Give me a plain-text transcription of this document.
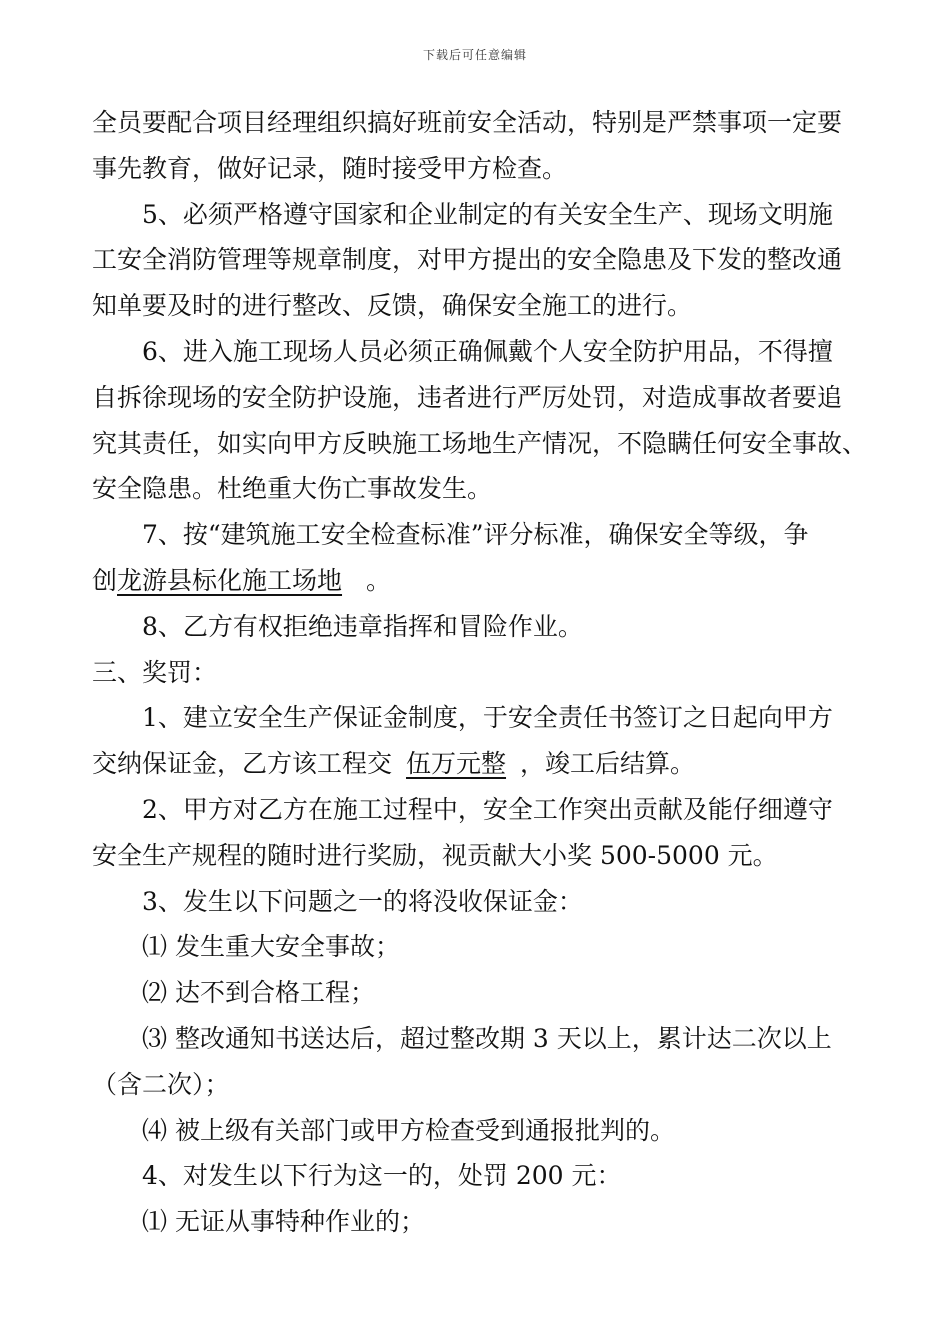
下载后可任意编辑
全员要配合项目经理组织搞好班前安全活动，特别是严禁事项一定要
事先教育，做好记录，随时接受甲方检查。
5、必须严格遵守国家和企业制定的有关安全生产、现场文明施
工安全消防管理等规章制度，对甲方提出的安全隐患及下发的整改通
知单要及时的进行整改、反馈，确保安全施工的进行。
6、进入施工现场人员必须正确佩戴个人安全防护用品，不得擅
自拆徐现场的安全防护设施，违者进行严厉处罚，对造成事故者要追
究其责任，如实向甲方反映施工场地生产情况，不隐瞒任何安全事故、
安全隐患。杜绝重大伤亡事故发生。
7、按“建筑施工安全检查标准”评分标准，确保安全等级，争
创龙游县标化施工场地 。
8、乙方有权拒绝违章指挥和冒险作业。
三、奖罚：
1、建立安全生产保证金制度，于安全责任书签订之日起向甲方
交纳保证金，乙方该工程交 伍万元整 ，竣工后结算。
2、甲方对乙方在施工过程中，安全工作突出贡献及能仔细遵守
安全生产规程的随时进行奖励，视贡献大小奖 500-5000 元。
3、发生以下问题之一的将没收保证金：
⑴ 发生重大安全事故；
⑵ 达不到合格工程；
⑶ 整改通知书送达后，超过整改期 3 天以上，累计达二次以上
（含二次）；
⑷ 被上级有关部门或甲方检查受到通报批判的。
4、对发生以下行为这一的，处罚 200 元：
⑴ 无证从事特种作业的；
